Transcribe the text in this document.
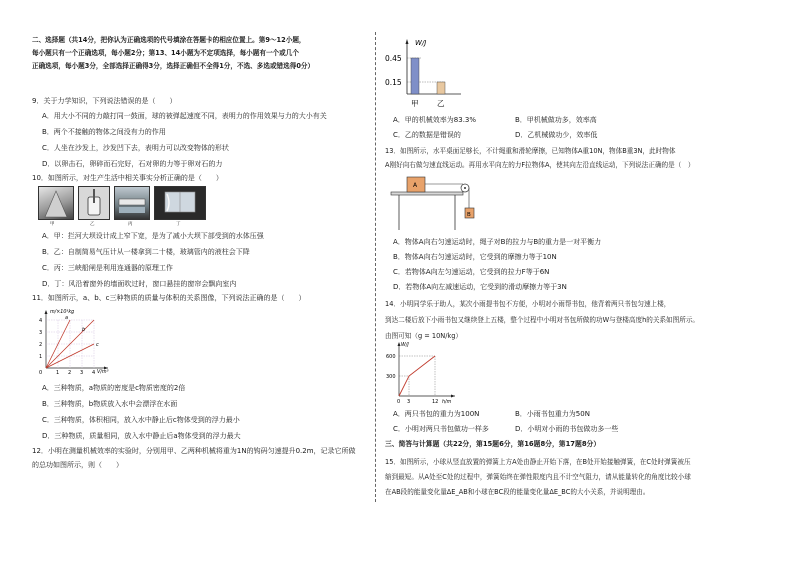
二、选择题（共14分，把你认为正确选项的代号填涂在答题卡的相应位置上。第9～12小题，
每小题只有一个正确选项，每小题2分；第13、14小题为不定项选择，每小题有一个或几个
正确选项，每小题3分，全部选择正确得3分，选择正确但不全得1分，不选、多选或错选得0分）
9．关于力学知识，下列说法错误的是（　　）
A．用大小不同的力敲打同一鼓面，球的被弹起速度不同，表明力的作用效果与力的大小有关
B．两个不接触的物体之间没有力的作用
C．人坐在沙发上，沙发凹下去，表明力可以改变物体的形状
D．以卵击石，卵碎而石完好，石对卵的力等于卵对石的力
10．如图所示，对生产生活中相关事实分析正确的是（　　）
甲	乙	丙	丁
A．甲：拦河大坝设计成上窄下宽，是为了减小大坝下部受到的水体压强
B．乙：自制简易气压计从一楼拿到二十楼，玻璃管内的液柱会下降
C．丙：三峡船闸是利用连通器的原理工作
D．丁：风沿着窗外的墙面吹过时，窗口悬挂的窗帘会飘向室内
11．如图所示，a、b、c三种物质的质量与体积的关系图像，下列说法正确的是（　　）
a
b
c
4
3
2
1
0	1 2 3 4
m/×10³kg
V/m³
A．三种物质，a物质的密度是c物质密度的2倍
B．三种物质，b物质放入水中会漂浮在水面
C．三种物质，体积相同，放入水中静止后c物体受到的浮力最小
D．三种物质，质量相同，放入水中静止后a物体受到的浮力最大
12．小明在测量机械效率的实验时，分别用甲、乙两种机械将重为1N的钩码匀速提升0.2m，记录它所做
的总功如图所示，则（　　）
W/J
0.45
0.15
甲 乙
A．甲的机械效率为83.3%	B．甲机械做功多，效率高
C．乙的数据是错误的	D．乙机械做功少，效率低
13．如图所示，水平桌面足够长，不计绳重和滑轮摩擦，已知物体A重10N，物体B重3N，此时物体
A刚好向右做匀速直线运动。再用水平向左的力F拉物体A，使其向左沿直线运动，下列说法正确的是（　）
A
B
A．物体A向右匀速运动时，绳子对B的拉力与B的重力是一对平衡力
B．物体A向右匀速运动时，它受到的摩擦力等于10N
C．若物体A向左匀速运动，它受到的拉力F等于6N
D．若物体A向左减速运动，它受到的滑动摩擦力等于3N
14．小明同学乐于助人，某次小雨提书包不方便，小明对小雨帮书包，他背着两只书包匀速上楼，
到达二楼后放下小雨书包又继续登上五楼，整个过程中小明对书包所做的功W与登楼高度h的关系如图所示。
由图可知（g = 10N/kg）
W/J
600
300
0 3	12 h/m
A．两只书包的重力为100N	B．小雨书包重力为50N
C．小明对两只书包做功一样多	D．小明对小雨的书包做功多一些
三、简答与计算题（共22分，第15题6分，第16题8分，第17题8分）
15．如图所示，小球从竖直放置的弹簧上方A处由静止开始下落，在B处开始接触弹簧，在C处时弹簧被压
缩到最短。从A处至C处的过程中，弹簧始终在弹性限度内且不计空气阻力，请从能量转化的角度比较小球
在AB段的能量变化量ΔE_AB和小球在BC段的能量变化量ΔE_BC的大小关系，并说明理由。
